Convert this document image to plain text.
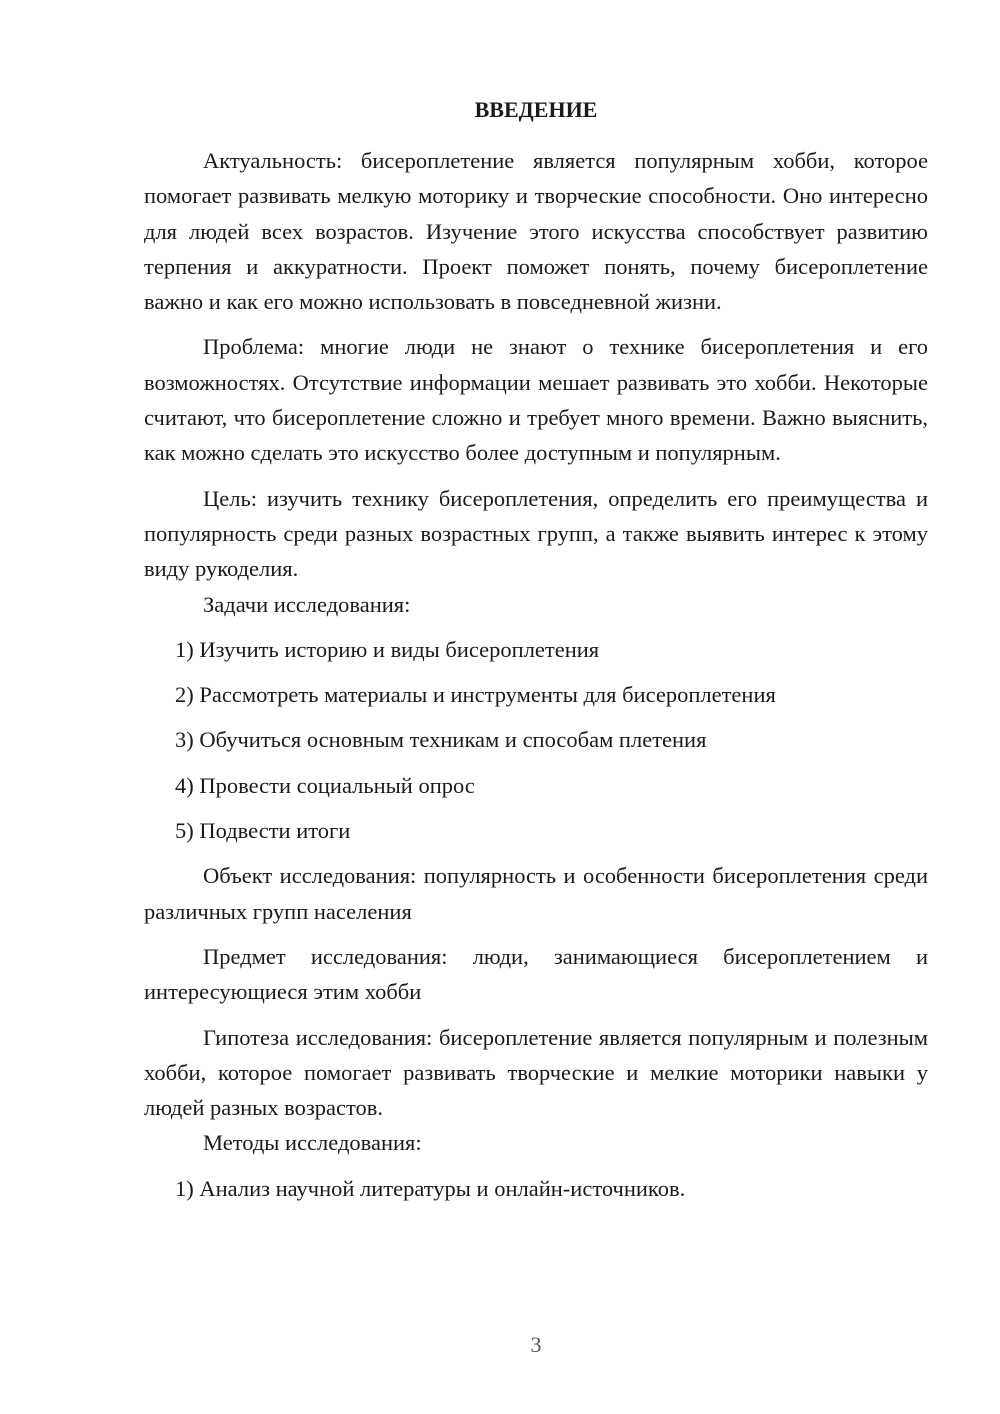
ВВЕДЕНИЕ

Актуальность: бисероплетение является популярным хобби, которое помогает развивать мелкую моторику и творческие способности. Оно интересно для людей всех возрастов. Изучение этого искусства способствует развитию терпения и аккуратности. Проект поможет понять, почему бисероплетение важно и как его можно использовать в повседневной жизни.

Проблема: многие люди не знают о технике бисероплетения и его возможностях. Отсутствие информации мешает развивать это хобби. Некоторые считают, что бисероплетение сложно и требует много времени. Важно выяснить, как можно сделать это искусство более доступным и популярным.

Цель: изучить технику бисероплетения, определить его преимущества и популярность среди разных возрастных групп, а также выявить интерес к этому виду рукоделия.

Задачи исследования:

1) Изучить историю и виды бисероплетения
2) Рассмотреть материалы и инструменты для бисероплетения
3) Обучиться основным техникам и способам плетения
4) Провести социальный опрос
5) Подвести итоги

Объект исследования: популярность и особенности бисероплетения среди различных групп населения

Предмет исследования: люди, занимающиеся бисероплетением и интересующиеся этим хобби

Гипотеза исследования: бисероплетение является популярным и полезным хобби, которое помогает развивать творческие и мелкие моторики навыки у людей разных возрастов.

Методы исследования:

1) Анализ научной литературы и онлайн-источников.
3
